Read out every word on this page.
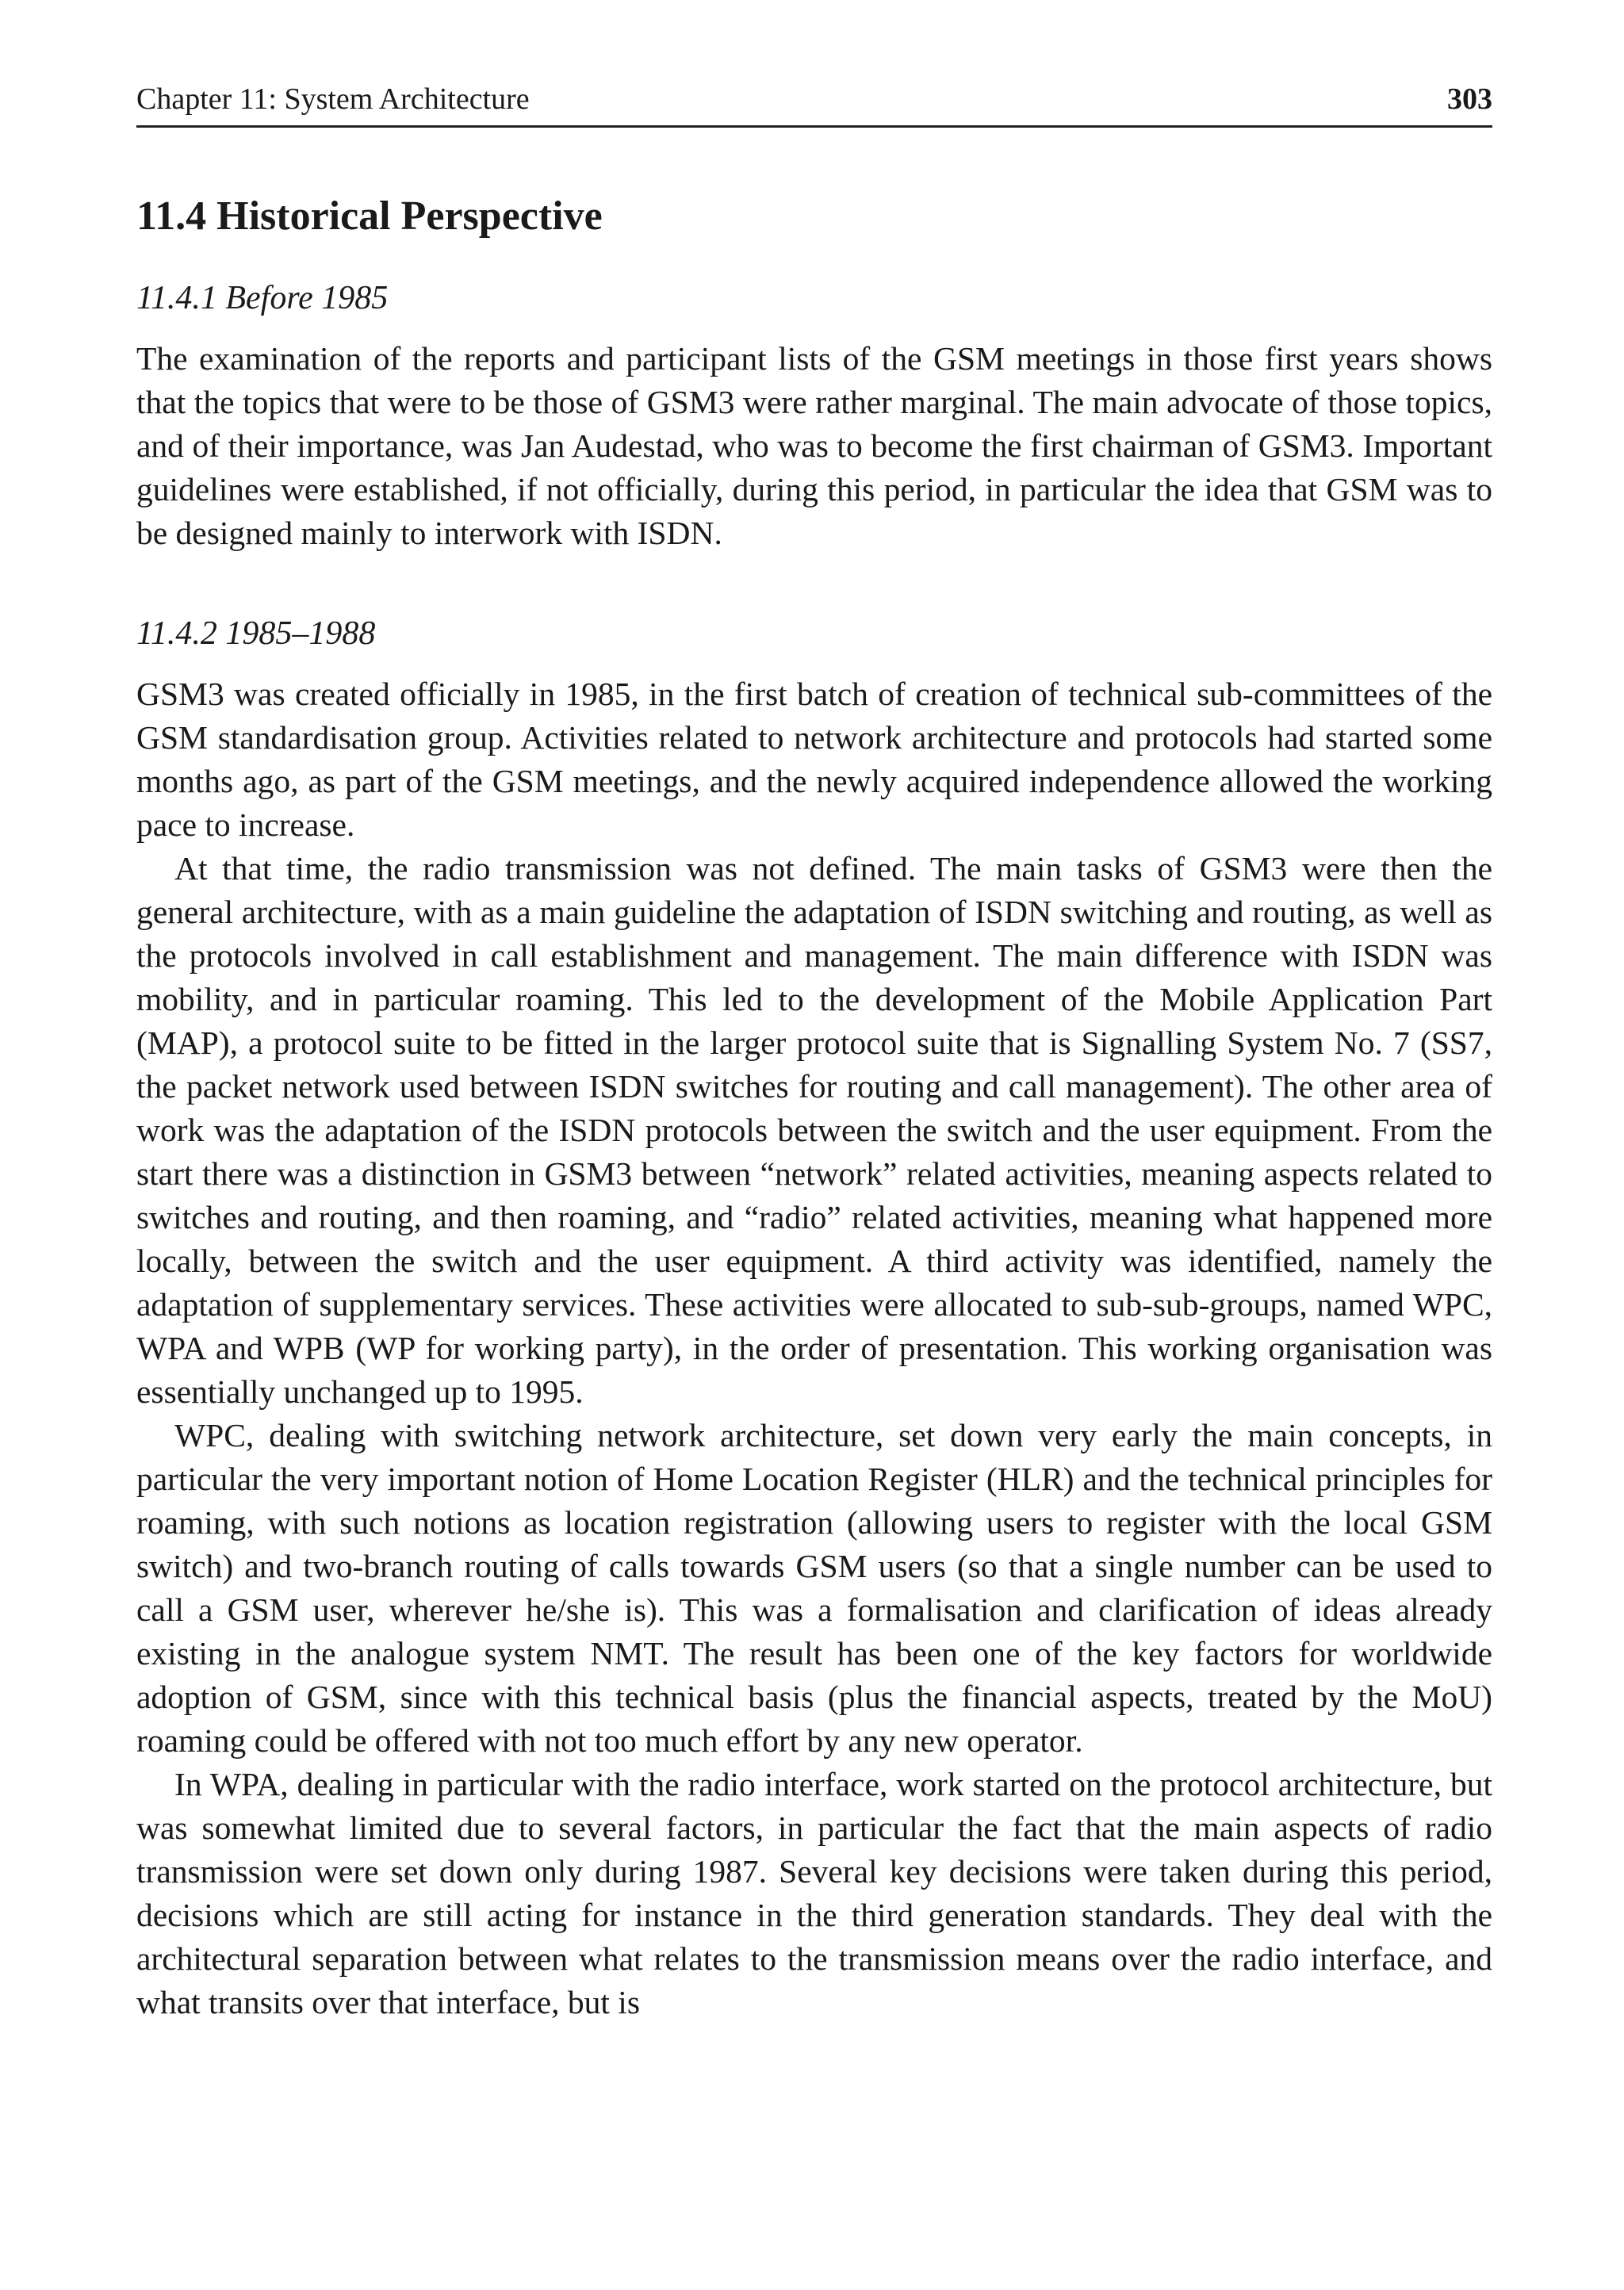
Chapter 11: System Architecture	303
11.4 Historical Perspective
11.4.1 Before 1985

The examination of the reports and participant lists of the GSM meetings in those first years shows that the topics that were to be those of GSM3 were rather marginal. The main advocate of those topics, and of their importance, was Jan Audestad, who was to become the first chairman of GSM3. Important guidelines were established, if not officially, during this period, in particular the idea that GSM was to be designed mainly to interwork with ISDN.

11.4.2 1985–1988

GSM3 was created officially in 1985, in the first batch of creation of technical sub-committees of the GSM standardisation group. Activities related to network architecture and protocols had started some months ago, as part of the GSM meetings, and the newly acquired independence allowed the working pace to increase.

At that time, the radio transmission was not defined. The main tasks of GSM3 were then the general architecture, with as a main guideline the adaptation of ISDN switching and routing, as well as the protocols involved in call establishment and management. The main difference with ISDN was mobility, and in particular roaming. This led to the development of the Mobile Application Part (MAP), a protocol suite to be fitted in the larger protocol suite that is Signalling System No. 7 (SS7, the packet network used between ISDN switches for routing and call management). The other area of work was the adaptation of the ISDN protocols between the switch and the user equipment. From the start there was a distinction in GSM3 between “network” related activities, meaning aspects related to switches and routing, and then roaming, and “radio” related activities, meaning what happened more locally, between the switch and the user equipment. A third activity was identified, namely the adaptation of supplementary services. These activities were allocated to sub-sub-groups, named WPC, WPA and WPB (WP for working party), in the order of presentation. This working organisation was essentially unchanged up to 1995.

WPC, dealing with switching network architecture, set down very early the main concepts, in particular the very important notion of Home Location Register (HLR) and the technical principles for roaming, with such notions as location registration (allowing users to register with the local GSM switch) and two-branch routing of calls towards GSM users (so that a single number can be used to call a GSM user, wherever he/she is). This was a formalisation and clarification of ideas already existing in the analogue system NMT. The result has been one of the key factors for worldwide adoption of GSM, since with this technical basis (plus the financial aspects, treated by the MoU) roaming could be offered with not too much effort by any new operator.

In WPA, dealing in particular with the radio interface, work started on the protocol architecture, but was somewhat limited due to several factors, in particular the fact that the main aspects of radio transmission were set down only during 1987. Several key decisions were taken during this period, decisions which are still acting for instance in the third generation standards. They deal with the architectural separation between what relates to the transmission means over the radio interface, and what transits over that interface, but is
